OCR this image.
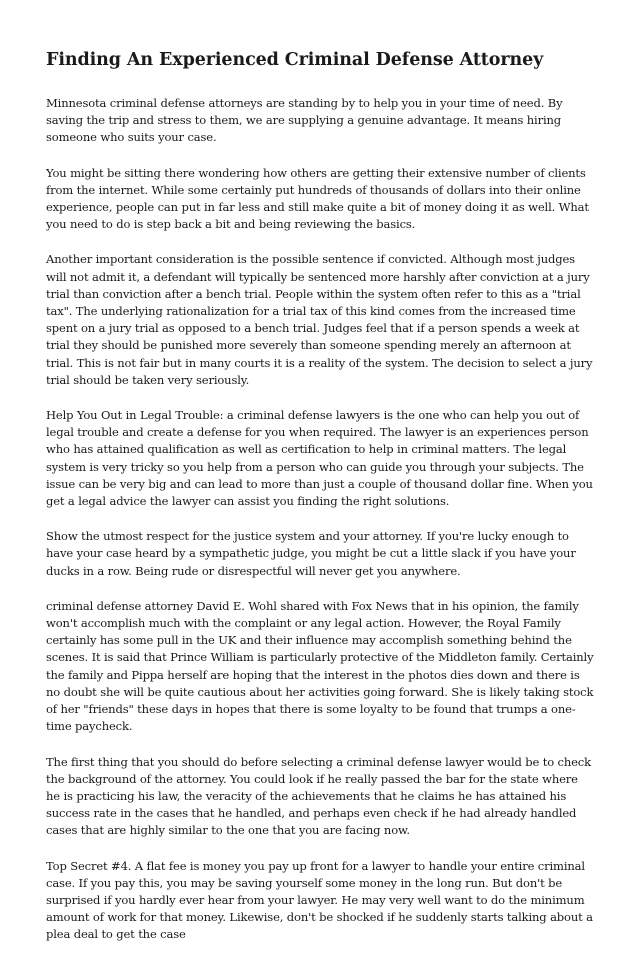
Finding An Experienced Criminal Defense Attorney

Minnesota criminal defense attorneys are standing by to help you in your time of need. By saving the trip and stress to them, we are supplying a genuine advantage. It means hiring someone who suits your case.

You might be sitting there wondering how others are getting their extensive number of clients from the internet. While some certainly put hundreds of thousands of dollars into their online experience, people can put in far less and still make quite a bit of money doing it as well. What you need to do is step back a bit and being reviewing the basics.

Another important consideration is the possible sentence if convicted. Although most judges will not admit it, a defendant will typically be sentenced more harshly after conviction at a jury trial than conviction after a bench trial. People within the system often refer to this as a "trial tax". The underlying rationalization for a trial tax of this kind comes from the increased time spent on a jury trial as opposed to a bench trial. Judges feel that if a person spends a week at trial they should be punished more severely than someone spending merely an afternoon at trial. This is not fair but in many courts it is a reality of the system. The decision to select a jury trial should be taken very seriously.

Help You Out in Legal Trouble: a criminal defense lawyers is the one who can help you out of legal trouble and create a defense for you when required. The lawyer is an experiences person who has attained qualification as well as certification to help in criminal matters. The legal system is very tricky so you help from a person who can guide you through your subjects. The issue can be very big and can lead to more than just a couple of thousand dollar fine. When you get a legal advice the lawyer can assist you finding the right solutions.

Show the utmost respect for the justice system and your attorney. If you're lucky enough to have your case heard by a sympathetic judge, you might be cut a little slack if you have your ducks in a row. Being rude or disrespectful will never get you anywhere.

criminal defense attorney David E. Wohl shared with Fox News that in his opinion, the family won't accomplish much with the complaint or any legal action. However, the Royal Family certainly has some pull in the UK and their influence may accomplish something behind the scenes. It is said that Prince William is particularly protective of the Middleton family. Certainly the family and Pippa herself are hoping that the interest in the photos dies down and there is no doubt she will be quite cautious about her activities going forward. She is likely taking stock of her "friends" these days in hopes that there is some loyalty to be found that trumps a one-time paycheck.

The first thing that you should do before selecting a criminal defense lawyer would be to check the background of the attorney. You could look if he really passed the bar for the state where he is practicing his law, the veracity of the achievements that he claims he has attained his success rate in the cases that he handled, and perhaps even check if he had already handled cases that are highly similar to the one that you are facing now.

Top Secret #4. A flat fee is money you pay up front for a lawyer to handle your entire criminal case. If you pay this, you may be saving yourself some money in the long run. But don't be surprised if you hardly ever hear from your lawyer. He may very well want to do the minimum amount of work for that money. Likewise, don't be shocked if he suddenly starts talking about a plea deal to get the case
